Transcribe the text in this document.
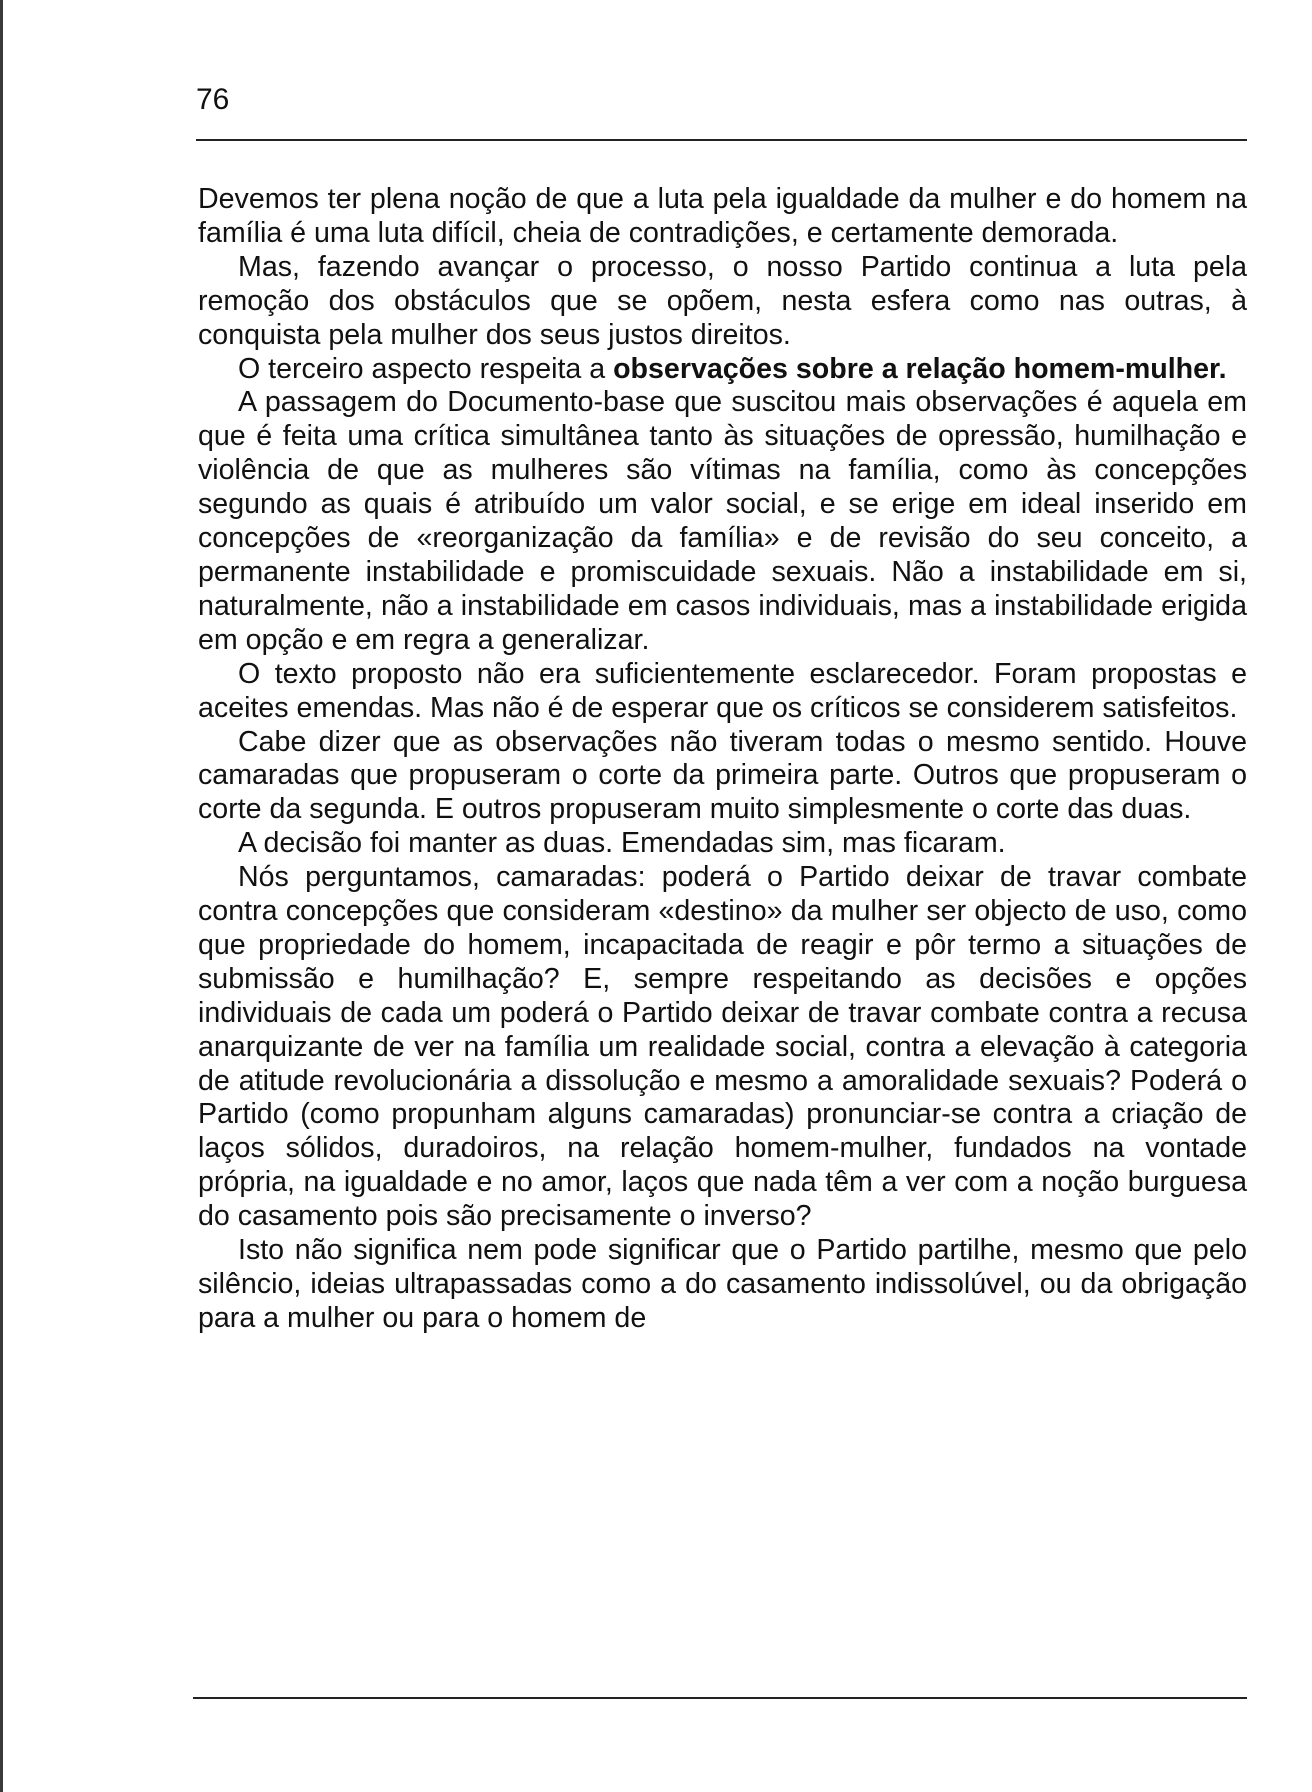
76

Devemos ter plena noção de que a luta pela igualdade da mulher e do homem na família é uma luta difícil, cheia de contradições, e certamente demorada.

Mas, fazendo avançar o processo, o nosso Partido continua a luta pela remoção dos obstáculos que se opõem, nesta esfera como nas outras, à conquista pela mulher dos seus justos direitos.

O terceiro aspecto respeita a observações sobre a relação homem-mulher.

A passagem do Documento-base que suscitou mais observações é aquela em que é feita uma crítica simultânea tanto às situações de opressão, humilhação e violência de que as mulheres são vítimas na família, como às concepções segundo as quais é atribuído um valor social, e se erige em ideal inserido em concepções de «reorganização da família» e de revisão do seu conceito, a permanente instabilidade e promiscuidade sexuais. Não a instabilidade em si, naturalmente, não a instabilidade em casos individuais, mas a instabilidade erigida em opção e em regra a generalizar.

O texto proposto não era suficientemente esclarecedor. Foram propostas e aceites emendas. Mas não é de esperar que os críticos se considerem satisfeitos.

Cabe dizer que as observações não tiveram todas o mesmo sentido. Houve camaradas que propuseram o corte da primeira parte. Outros que propuseram o corte da segunda. E outros propuseram muito simplesmente o corte das duas.

A decisão foi manter as duas. Emendadas sim, mas ficaram.

Nós perguntamos, camaradas: poderá o Partido deixar de travar combate contra concepções que consideram «destino» da mulher ser objecto de uso, como que propriedade do homem, incapacitada de reagir e pôr termo a situações de submissão e humilhação? E, sempre respeitando as decisões e opções individuais de cada um poderá o Partido deixar de travar combate contra a recusa anarquizante de ver na família um realidade social, contra a elevação à categoria de atitude revolucionária a dissolução e mesmo a amoralidade sexuais? Poderá o Partido (como propunham alguns camaradas) pronunciar-se contra a criação de laços sólidos, duradoiros, na relação homem-mulher, fundados na vontade própria, na igualdade e no amor, laços que nada têm a ver com a noção burguesa do casamento pois são precisamente o inverso?

Isto não significa nem pode significar que o Partido partilhe, mesmo que pelo silêncio, ideias ultrapassadas como a do casamento indissolúvel, ou da obrigação para a mulher ou para o homem de
